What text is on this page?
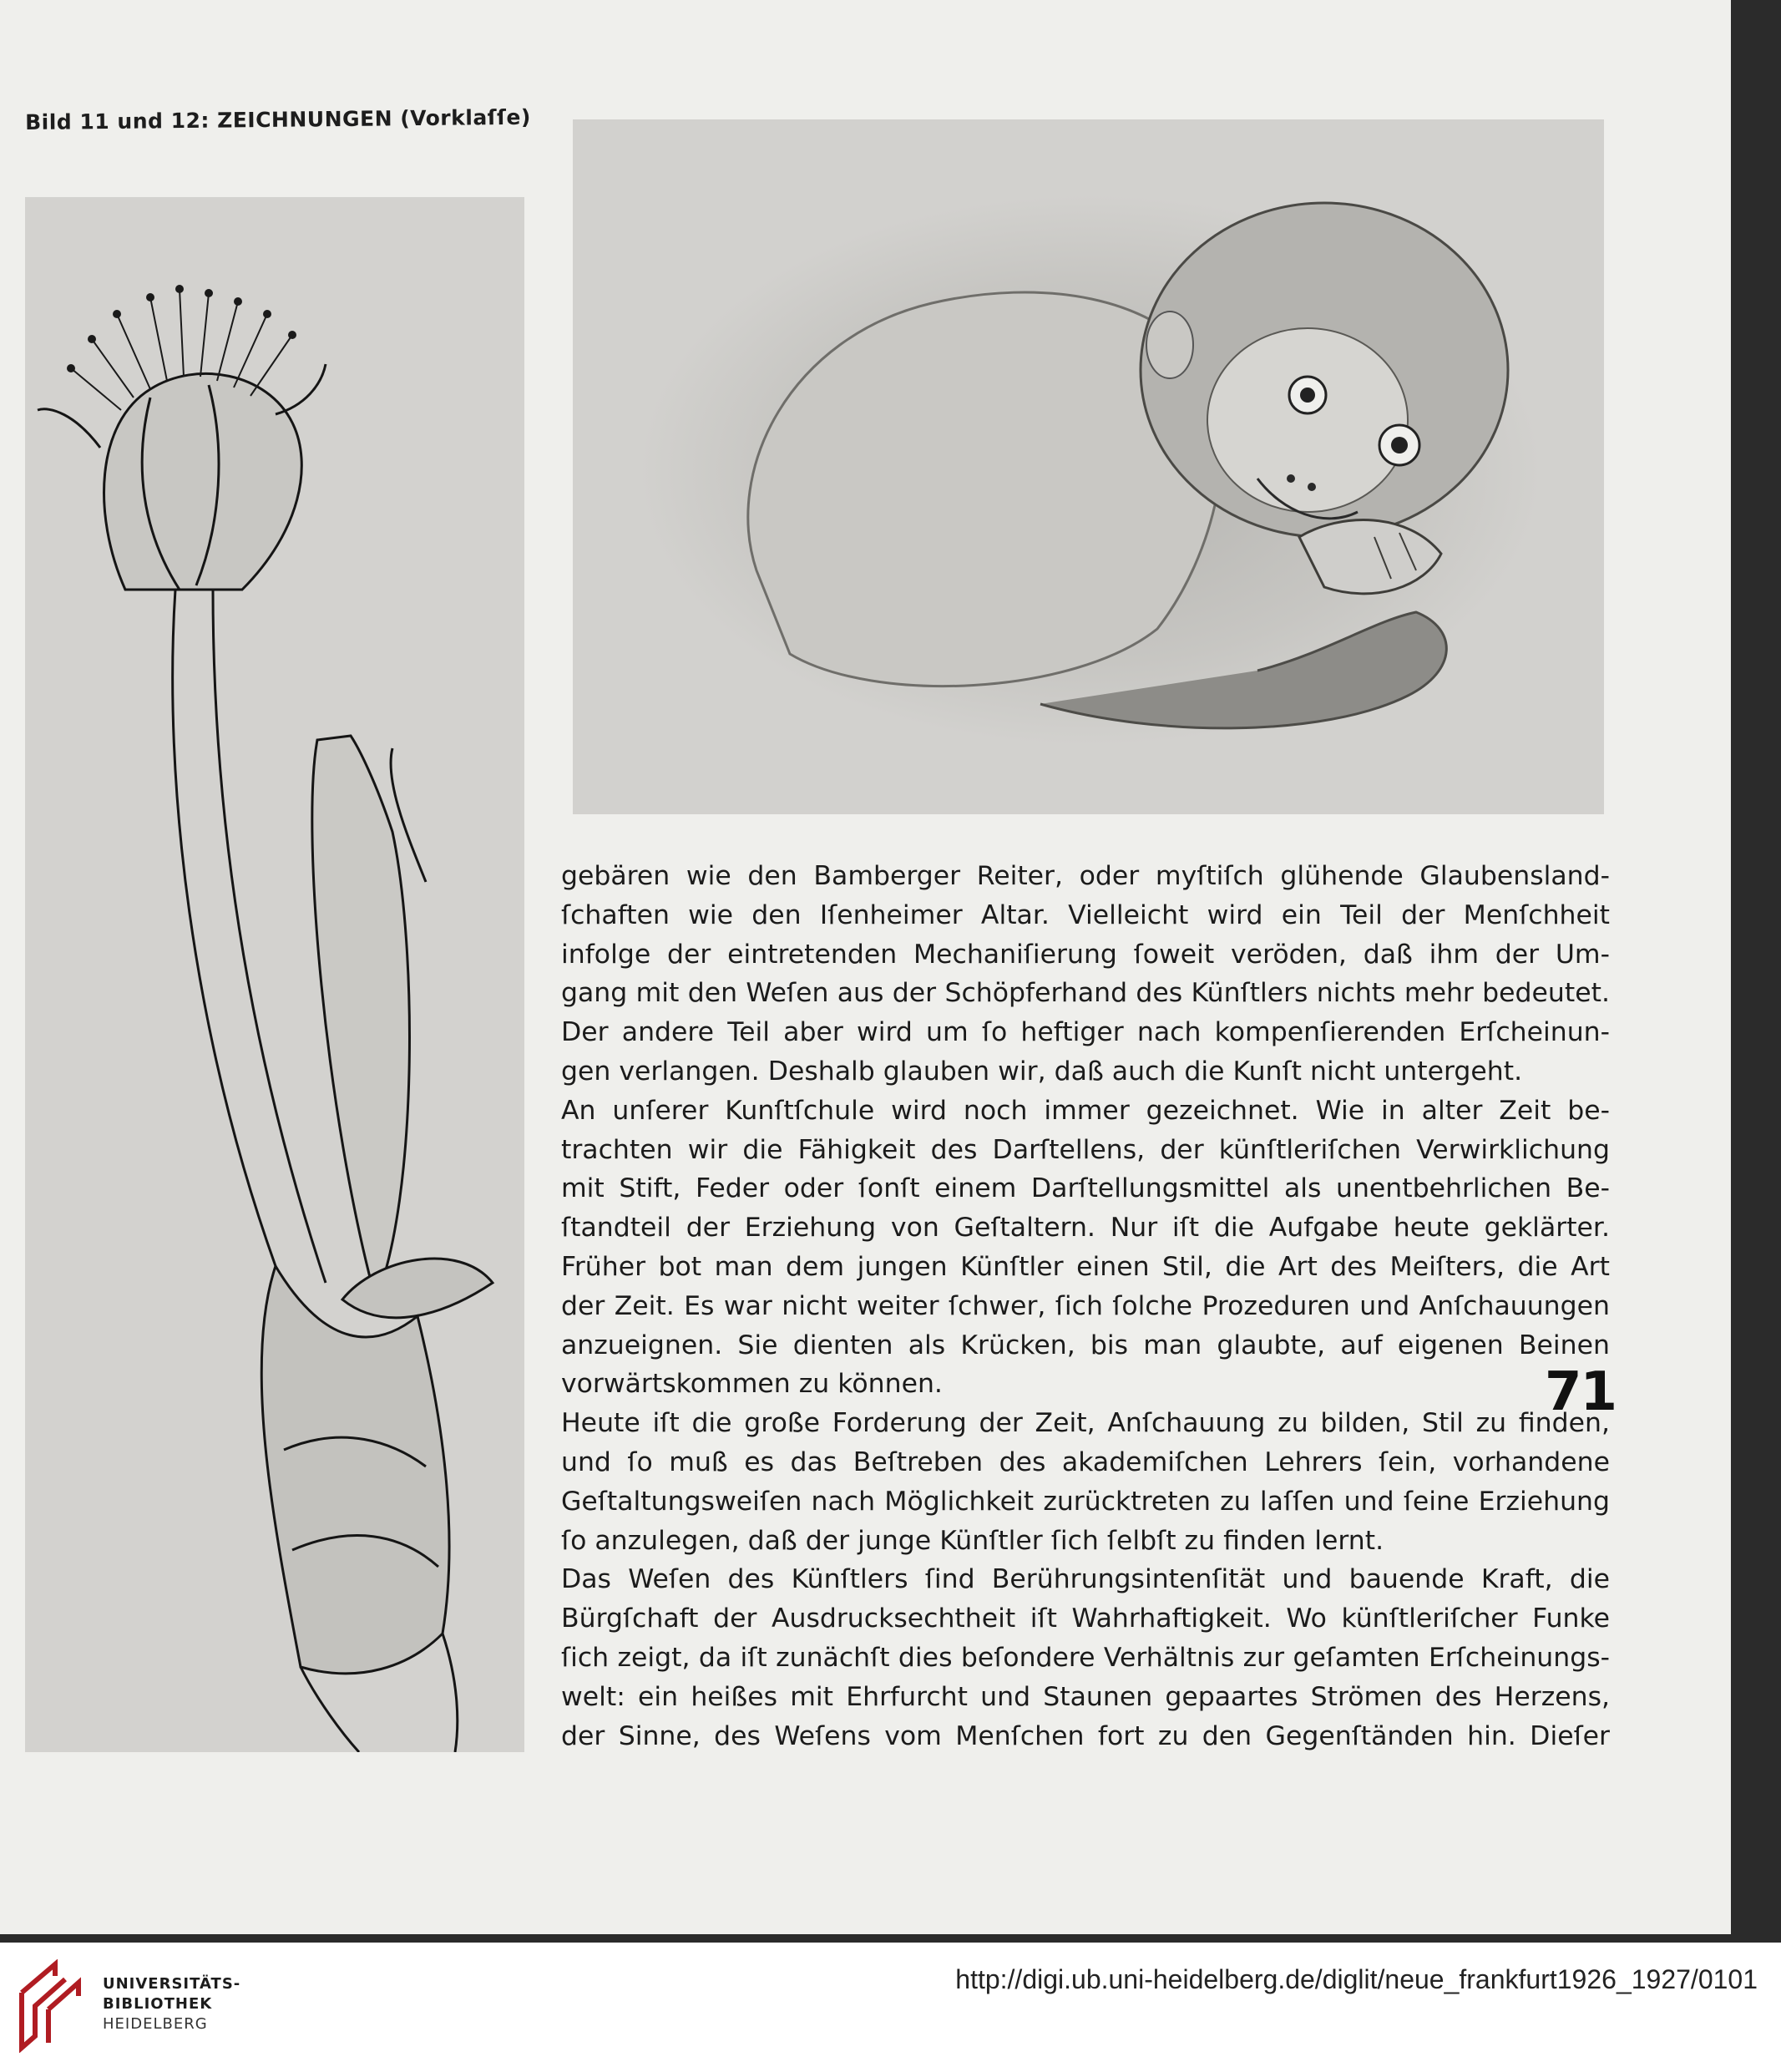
Bild 11 und 12: ZEICHNUNGEN (Vorklaſſe)
gebären wie den Bamberger Reiter, oder myſtiſch glühende Glaubensland-
ſchaften wie den Iſenheimer Altar. Vielleicht wird ein Teil der Menſchheit
infolge der eintretenden Mechaniſierung ſoweit veröden, daß ihm der Um-
gang mit den Weſen aus der Schöpferhand des Künſtlers nichts mehr bedeutet.
Der andere Teil aber wird um ſo heftiger nach kompenſierenden Erſcheinun-
gen verlangen. Deshalb glauben wir, daß auch die Kunſt nicht untergeht.
An unſerer Kunſtſchule wird noch immer gezeichnet. Wie in alter Zeit be-
trachten wir die Fähigkeit des Darſtellens, der künſtleriſchen Verwirklichung
mit Stift, Feder oder ſonſt einem Darſtellungsmittel als unentbehrlichen Be-
ſtandteil der Erziehung von Geſtaltern. Nur iſt die Aufgabe heute geklärter.
Früher bot man dem jungen Künſtler einen Stil, die Art des Meiſters, die Art
der Zeit. Es war nicht weiter ſchwer, ſich ſolche Prozeduren und Anſchauungen
anzueignen. Sie dienten als Krücken, bis man glaubte, auf eigenen Beinen
vorwärtskommen zu können.
Heute iſt die große Forderung der Zeit, Anſchauung zu bilden, Stil zu finden,
und ſo muß es das Beſtreben des akademiſchen Lehrers ſein, vorhandene
Geſtaltungsweiſen nach Möglichkeit zurücktreten zu laſſen und ſeine Erziehung
ſo anzulegen, daß der junge Künſtler ſich ſelbſt zu finden lernt.
Das Weſen des Künſtlers ſind Berührungsintenſität und bauende Kraft, die
Bürgſchaft der Ausdrucksechtheit iſt Wahrhaftigkeit. Wo künſtleriſcher Funke
ſich zeigt, da iſt zunächſt dies beſondere Verhältnis zur geſamten Erſcheinungs-
welt: ein heißes mit Ehrfurcht und Staunen gepaartes Strömen des Herzens,
der Sinne, des Weſens vom Menſchen fort zu den Gegenſtänden hin. Dieſer
71
UNIVERSITÄTS-
BIBLIOTHEK
HEIDELBERG
http://digi.ub.uni-heidelberg.de/diglit/neue_frankfurt1926_1927/0101
